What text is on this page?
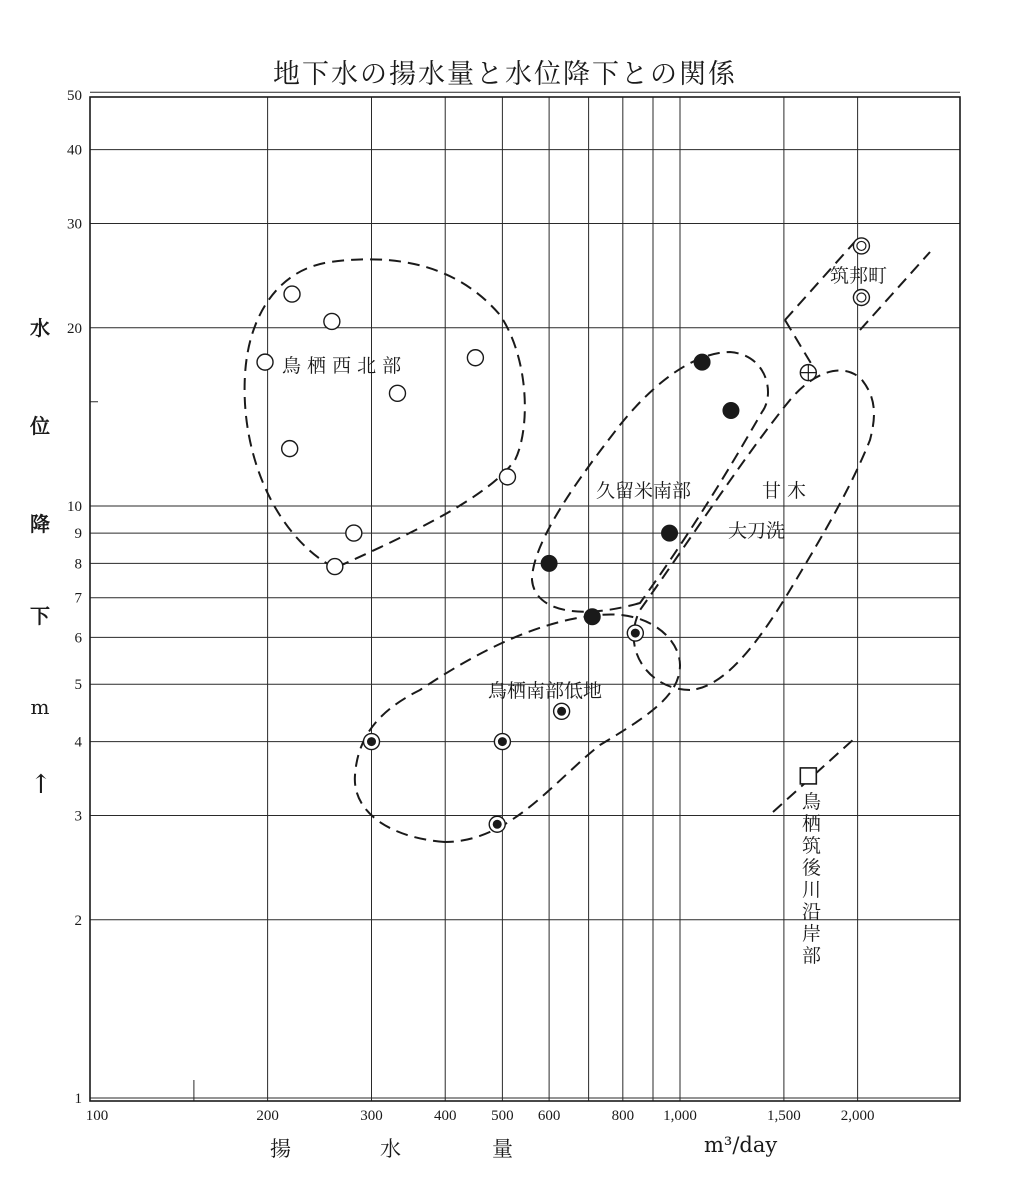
100	200	300	400 500 600	800 1,000	1,500	2,000
1
2
3
4
5
6
7
8
9
10
20
30
40
50
鳥 栖 西 北 部
久留米南部	甘 木
大刀洗
鳥栖南部低地
筑邦町
鳥
栖
筑
後
川
沿
岸
部
地下水の揚水量と水位降下との関係
水
位
降
下
m
↑
揚	水	量	m³/day
